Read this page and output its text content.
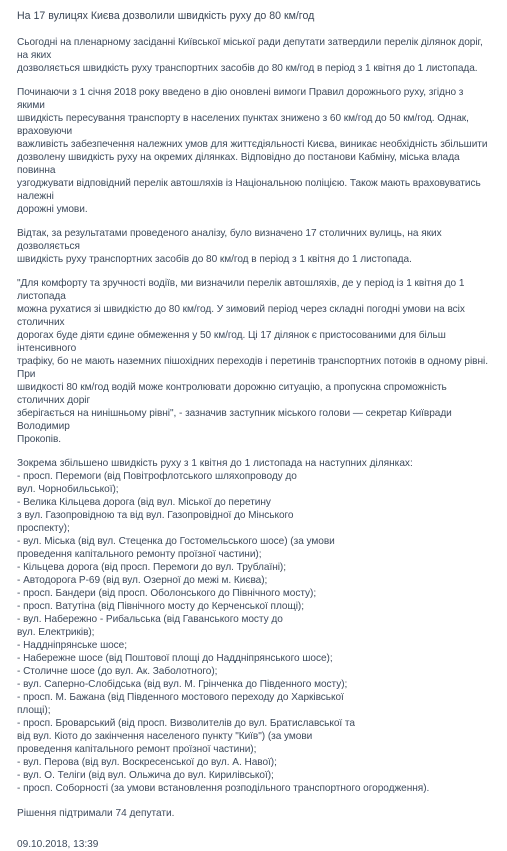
На 17 вулицях Києва дозволили швидкість руху до 80 км/год
Сьогодні на пленарному засіданні Київської міської ради депутати затвердили перелік ділянок доріг, на яких
дозволяється швидкість руху транспортних засобів до 80 км/год в період з 1 квітня до 1 листопада.
Починаючи з 1 січня 2018 року введено в дію оновлені вимоги Правил дорожнього руху, згідно з якими
швидкість пересування транспорту в населених пунктах знижено з 60 км/год до 50 км/год. Однак, враховуючи
важливість забезпечення належних умов для життєдіяльності Києва, виникає необхідність збільшити
дозволену швидкість руху на окремих ділянках. Відповідно до постанови Кабміну, міська влада повинна
узгоджувати відповідний перелік автошляхів із Національною поліцією. Також мають враховуватись належні
дорожні умови.
Відтак, за результатами проведеного аналізу, було визначено 17 столичних вулиць, на яких дозволяється
швидкість руху транспортних засобів до 80 км/год в період з 1 квітня до 1 листопада.
"Для комфорту та зручності водіїв, ми визначили перелік автошляхів, де у період із 1 квітня до 1 листопада
можна рухатися зі швидкістю до 80 км/год. У зимовий період через складні погодні умови на всіх столичних
дорогах буде діяти єдине обмеження у 50 км/год. Ці 17 ділянок є пристосованими для більш інтенсивного
трафіку, бо не мають наземних пішохідних переходів і перетинів транспортних потоків в одному рівні. При
швидкості 80 км/год водій може контролювати дорожню ситуацію, а пропускна спроможність столичних доріг
зберігається на нинішньому рівні", - зазначив заступник міського голови — секретар Київради Володимир
Прокопів.
Зокрема збільшено швидкість руху з 1 квітня до 1 листопада на наступних ділянках:
- просп. Перемоги (від Повітрофлотського шляхопроводу до
вул. Чорнобильської);
- Велика Кільцева дорога (від вул. Міської до перетину
з вул. Газопровідною та від вул. Газопровідної до Мінського
проспекту);
- вул. Міська (від вул. Стеценка до Гостомельського шосе) (за умови
проведення капітального ремонту проїзної частини);
- Кільцева дорога (від просп. Перемоги до вул. Трублаїні);
- Автодорога Р-69 (від вул. Озерної до межі м. Києва);
- просп. Бандери (від просп. Оболонського до Північного мосту);
- просп. Ватутіна (від Північного мосту до Керченської площі);
- вул. Набережно - Рибальська (від Гаванського мосту до
вул. Електриків);
- Наддніпрянське шосе;
- Набережне шосе (від Поштової площі до Наддніпрянського шосе);
- Столичне шосе (до вул. Ак. Заболотного);
- вул. Саперно-Слобідська (від вул. М. Грінченка до Південного мосту);
- просп. М. Бажана (від Південного мостового переходу до Харківської
площі);
- просп. Броварський (від просп. Визволителів до вул. Братиславської та
від вул. Кіото до закінчення населеного пункту "Київ") (за умови
проведення капітального ремонт проїзної частини);
- вул. Перова (від вул. Воскресенської до вул. А. Навої);
- вул. О. Теліги (від вул. Ольжича до вул. Кирилівської);
- просп. Соборності (за умови встановлення розподільного транспортного огородження).
Рішення підтримали 74 депутати.
09.10.2018, 13:39
